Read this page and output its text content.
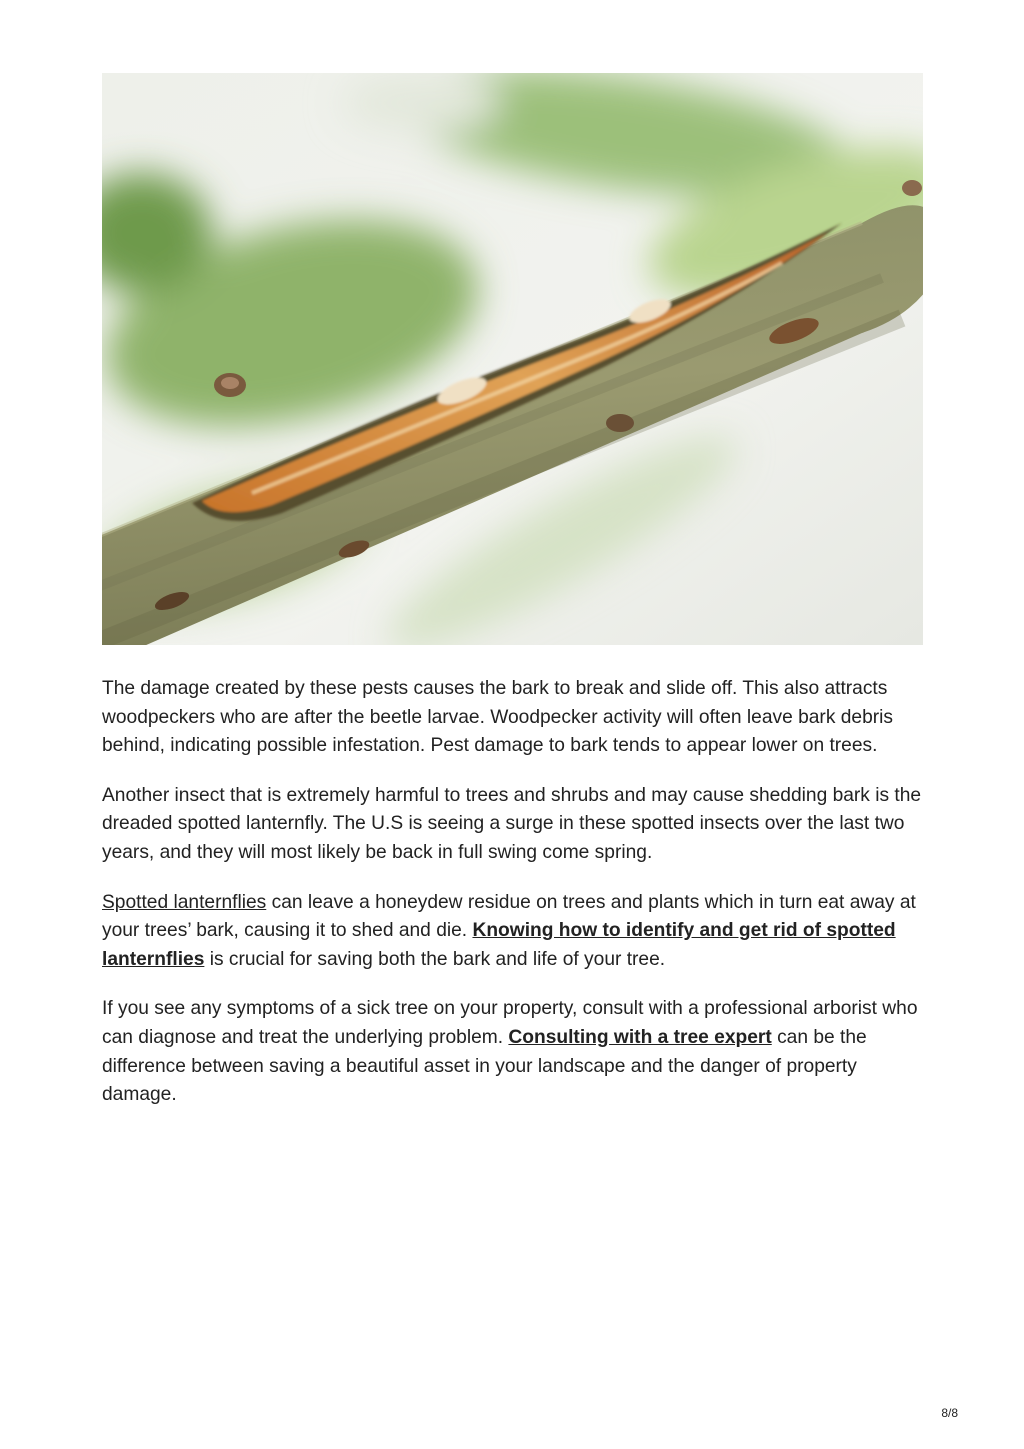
The damage created by these pests causes the bark to break and slide off. This also attracts woodpeckers who are after the beetle larvae. Woodpecker activity will often leave bark debris behind, indicating possible infestation. Pest damage to bark tends to appear lower on trees.

Another insect that is extremely harmful to trees and shrubs and may cause shedding bark is the dreaded spotted lanternfly. The U.S is seeing a surge in these spotted insects over the last two years, and they will most likely be back in full swing come spring.

Spotted lanternflies can leave a honeydew residue on trees and plants which in turn eat away at your trees’ bark, causing it to shed and die. Knowing how to identify and get rid of spotted lanternflies is crucial for saving both the bark and life of your tree.

If you see any symptoms of a sick tree on your property, consult with a professional arborist who can diagnose and treat the underlying problem. Consulting with a tree expert can be the difference between saving a beautiful asset in your landscape and the danger of property damage.

8/8
